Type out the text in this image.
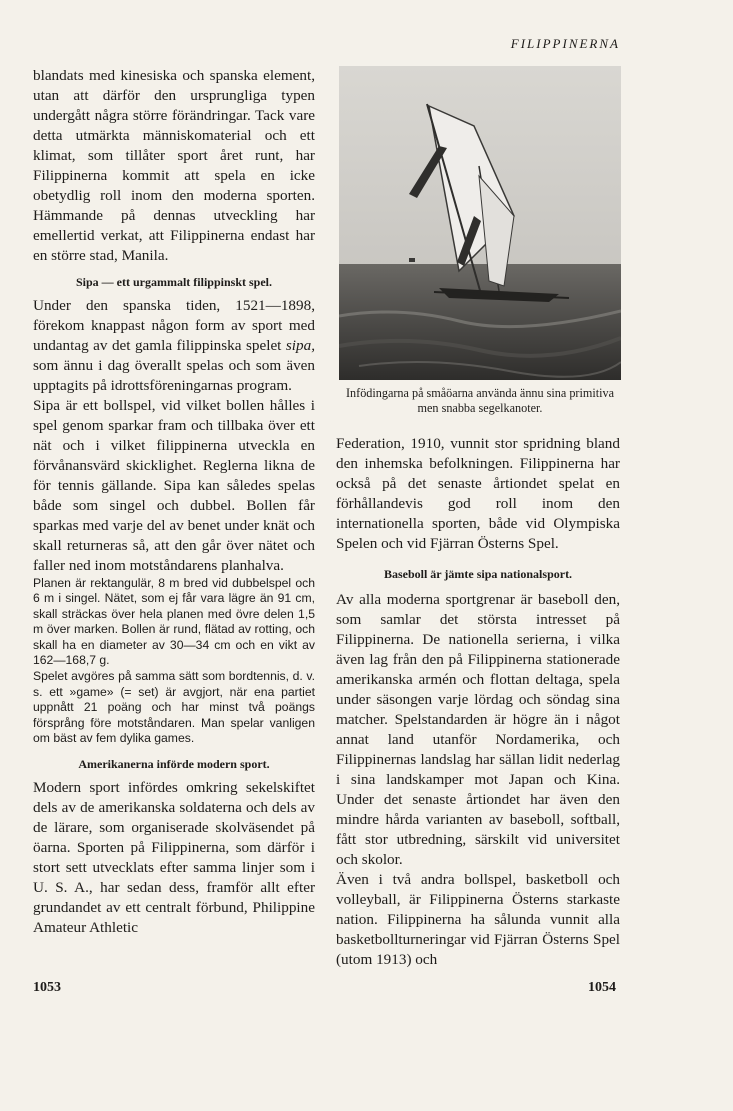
FILIPPINERNA

blandats med kinesiska och spanska element, utan att därför den ursprungliga typen undergått några större förändringar. Tack vare detta utmärkta människomaterial och ett klimat, som tillåter sport året runt, har Filippinerna kommit att spela en icke obetydlig roll inom den moderna sporten. Hämmande på dennas utveckling har emellertid verkat, att Filippinerna endast har en större stad, Manila.

Sipa — ett urgammalt filippinskt spel.

Under den spanska tiden, 1521—1898, förekom knappast någon form av sport med undantag av det gamla filippinska spelet sipa, som ännu i dag överallt spelas och som även upptagits på idrottsföreningarnas program.

Sipa är ett bollspel, vid vilket bollen hålles i spel genom sparkar fram och tillbaka över ett nät och i vilket filippinerna utveckla en förvånansvärd skicklighet. Reglerna likna de för tennis gällande. Sipa kan således spelas både som singel och dubbel. Bollen får sparkas med varje del av benet under knät och skall returneras så, att den går över nätet och faller ned inom motståndarens planhalva.

Planen är rektangulär, 8 m bred vid dubbelspel och 6 m i singel. Nätet, som ej får vara lägre än 91 cm, skall sträckas över hela planen med övre delen 1,5 m över marken. Bollen är rund, flätad av rotting, och skall ha en diameter av 30—34 cm och en vikt av 162—168,7 g.

Spelet avgöres på samma sätt som bordtennis, d. v. s. ett »game» (= set) är avgjort, när ena partiet uppnått 21 poäng och har minst två poängs försprång före motståndaren. Man spelar vanligen om bäst av fem dylika games.

Amerikanerna införde modern sport.

Modern sport infördes omkring sekelskiftet dels av de amerikanska soldaterna och dels av de lärare, som organiserade skolväsendet på öarna. Sporten på Filippinerna, som därför i stort sett utvecklats efter samma linjer som i U. S. A., har sedan dess, framför allt efter grundandet av ett centralt förbund, Philippine Amateur Athletic

Infödingarna på småöarna använda ännu sina primitiva men snabba segelkanoter.

Federation, 1910, vunnit stor spridning bland den inhemska befolkningen. Filippinerna har också på det senaste årtiondet spelat en förhållandevis god roll inom den internationella sporten, både vid Olympiska Spelen och vid Fjärran Österns Spel.

Baseboll är jämte sipa nationalsport.

Av alla moderna sportgrenar är baseboll den, som samlar det största intresset på Filippinerna. De nationella serierna, i vilka även lag från den på Filippinerna stationerade amerikanska armén och flottan deltaga, spela under säsongen varje lördag och söndag sina matcher. Spelstandarden är högre än i något annat land utanför Nordamerika, och Filippinernas landslag har sällan lidit nederlag i sina landskamper mot Japan och Kina. Under det senaste årtiondet har även den mindre hårda varianten av baseboll, softball, fått stor utbredning, särskilt vid universitet och skolor.

Även i två andra bollspel, basketboll och volleyball, är Filippinerna Österns starkaste nation. Filippinerna ha sålunda vunnit alla basketbollturneringar vid Fjärran Österns Spel (utom 1913) och

1053	1054
